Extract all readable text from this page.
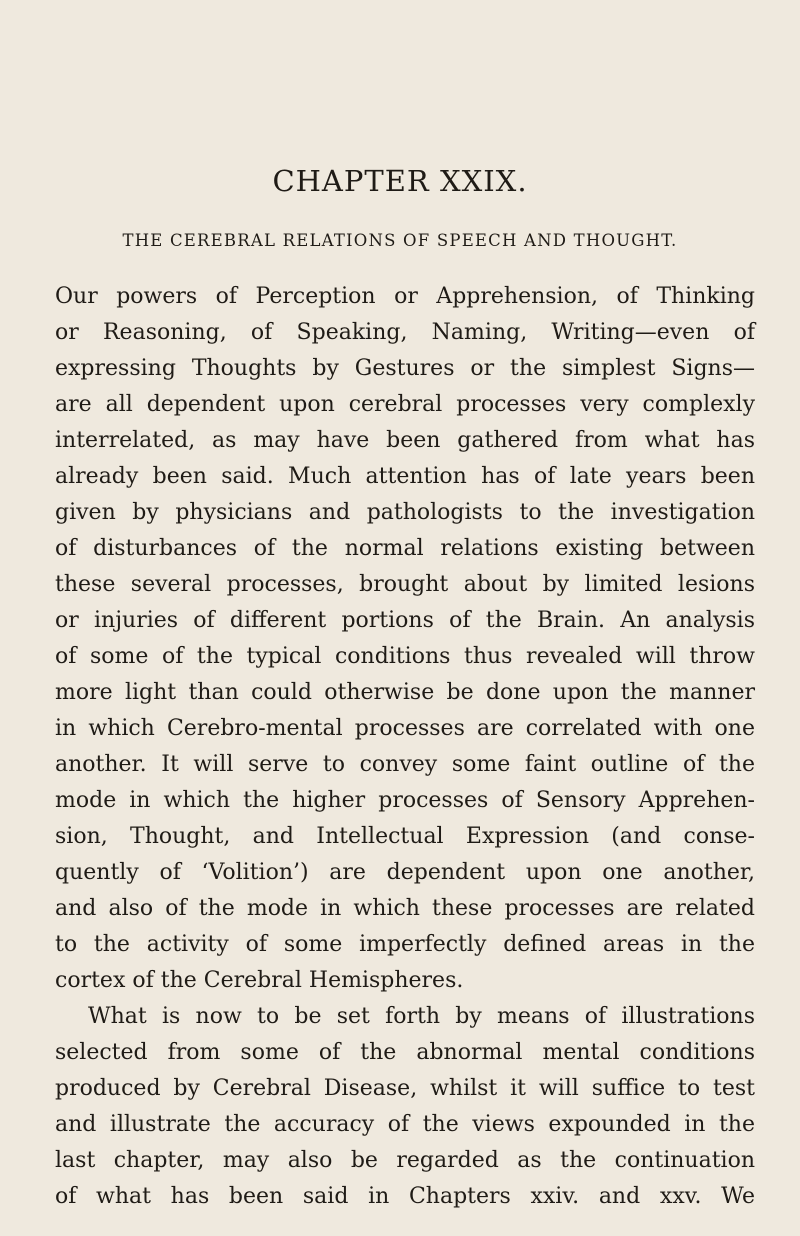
CHAPTER XXIX.
THE CEREBRAL RELATIONS OF SPEECH AND THOUGHT.
Our powers of Perception or Apprehension, of Thinking
or Reasoning, of Speaking, Naming, Writing—even of
expressing Thoughts by Gestures or the simplest Signs—
are all dependent upon cerebral processes very complexly
interrelated, as may have been gathered from what has
already been said. Much attention has of late years been
given by physicians and pathologists to the investigation
of disturbances of the normal relations existing between
these several processes, brought about by limited lesions
or injuries of different portions of the Brain. An analysis
of some of the typical conditions thus revealed will throw
more light than could otherwise be done upon the manner
in which Cerebro-mental processes are correlated with one
another. It will serve to convey some faint outline of the
mode in which the higher processes of Sensory Apprehen-
sion, Thought, and Intellectual Expression (and conse-
quently of ‘Volition’) are dependent upon one another,
and also of the mode in which these processes are related
to the activity of some imperfectly defined areas in the
cortex of the Cerebral Hemispheres.
What is now to be set forth by means of illustrations
selected from some of the abnormal mental conditions
produced by Cerebral Disease, whilst it will suffice to test
and illustrate the accuracy of the views expounded in the
last chapter, may also be regarded as the continuation
of what has been said in Chapters xxiv. and xxv. We
